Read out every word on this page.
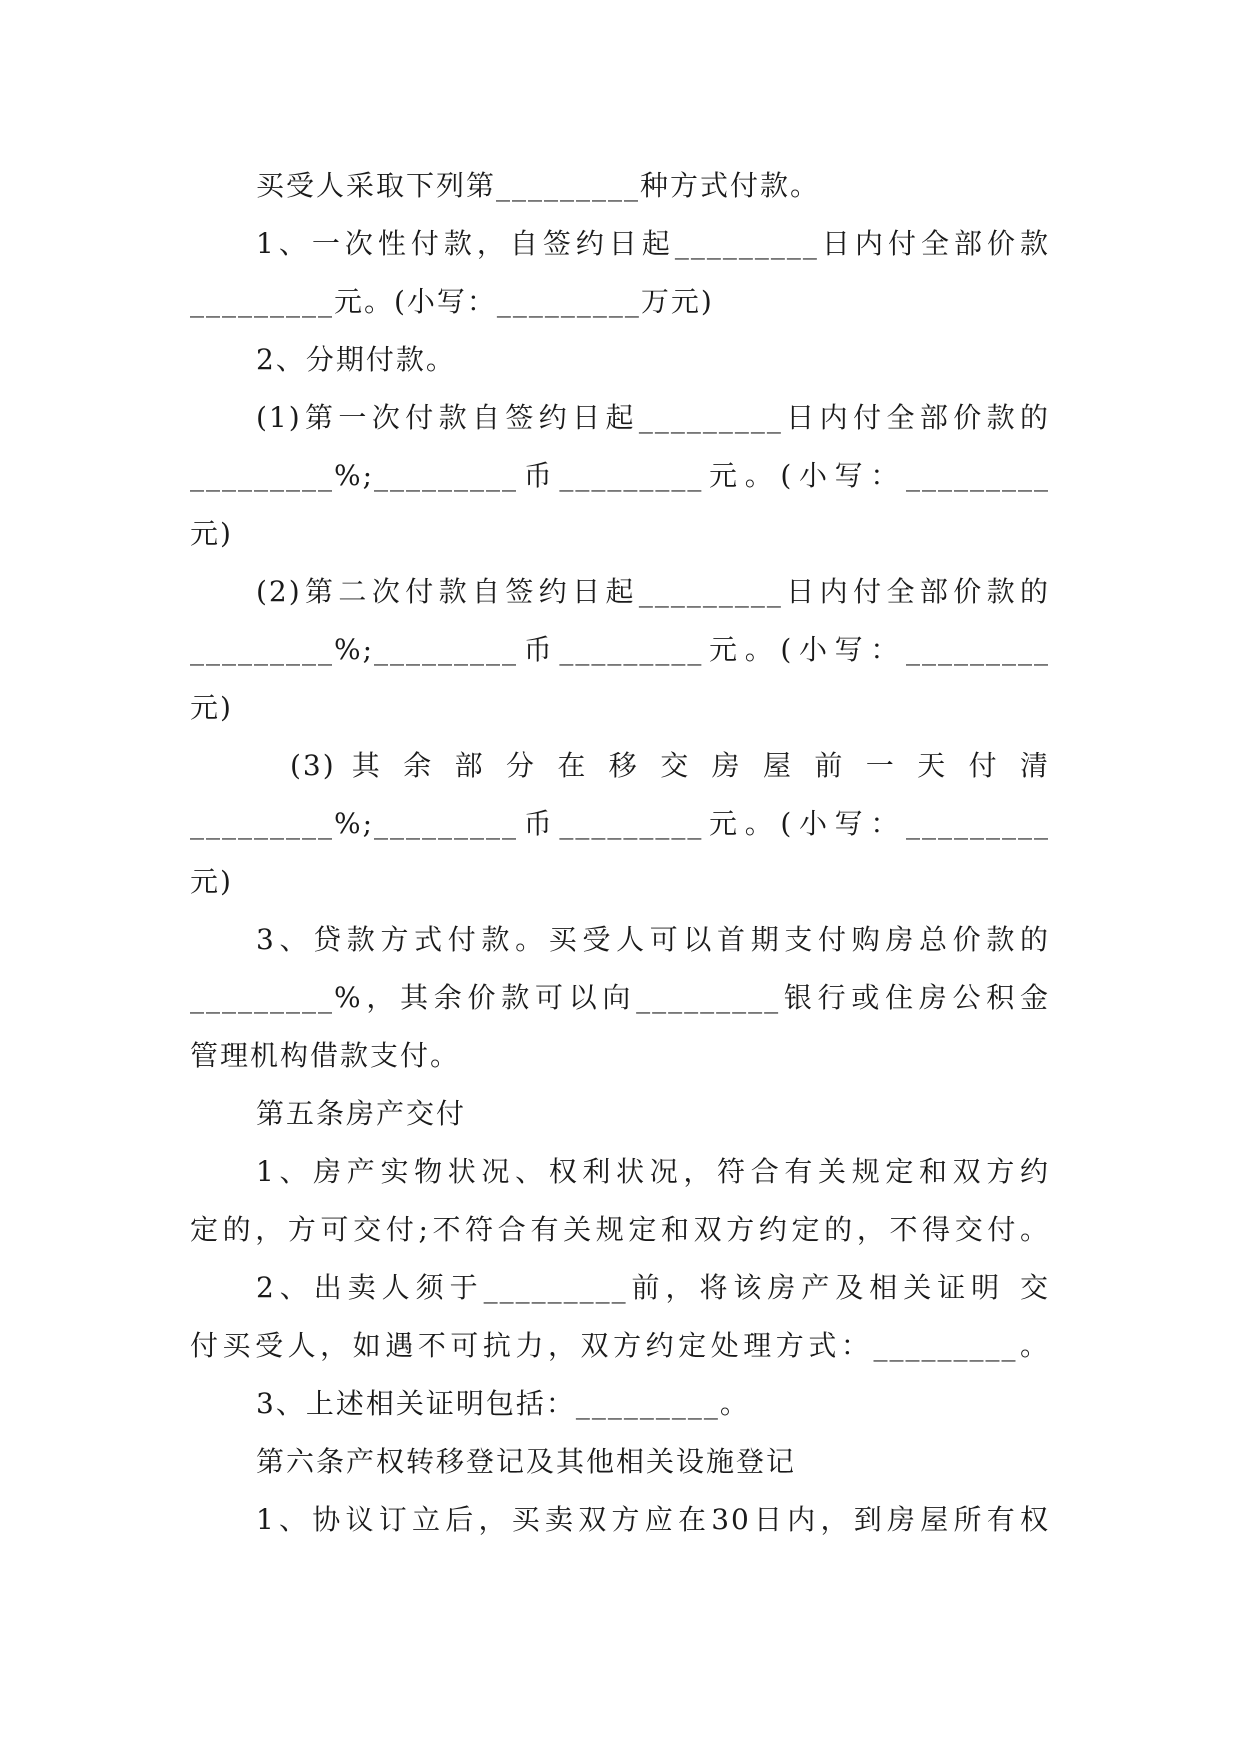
买受人采取下列第_________种方式付款。
1、一次性付款，自签约日起_________日内付全部价款
_________元。(小写：_________万元)
2、分期付款。
(1)第一次付款自签约日起_________日内付全部价款的
_________%;_________币_________元。(小写：_________
元)
(2)第二次付款自签约日起_________日内付全部价款的
_________%;_________币_________元。(小写：_________
元)
(3) 其 余 部 分 在 移 交 房 屋 前 一 天 付 清
_________%;_________币_________元。(小写：_________
元)
3、贷款方式付款。买受人可以首期支付购房总价款的
_________%，其余价款可以向_________银行或住房公积金
管理机构借款支付。
第五条房产交付
1、房产实物状况、权利状况，符合有关规定和双方约
定的，方可交付;不符合有关规定和双方约定的，不得交付。
2、出卖人须于_________前，将该房产及相关证明 交
付买受人，如遇不可抗力，双方约定处理方式：_________。
3、上述相关证明包括：_________。
第六条产权转移登记及其他相关设施登记
1、协议订立后，买卖双方应在30日内，到房屋所有权
